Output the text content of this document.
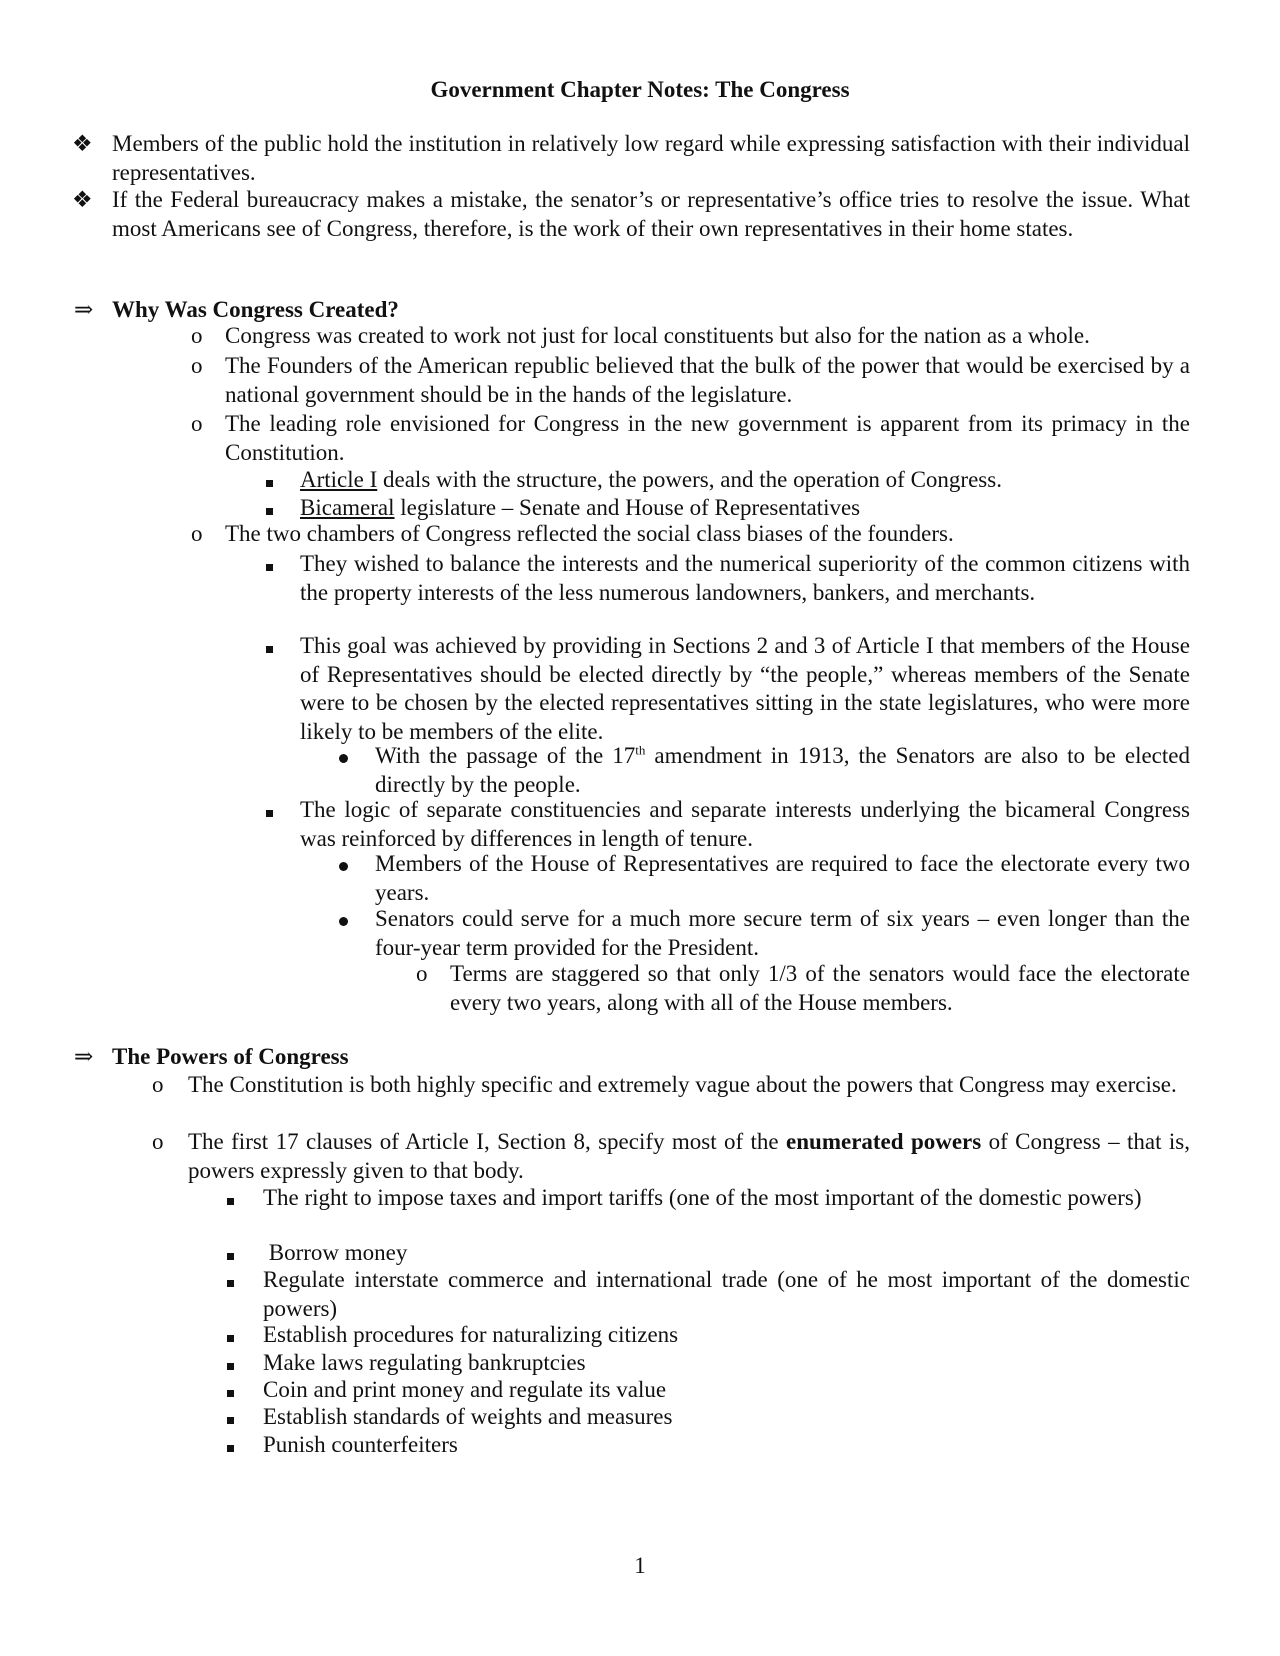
Government Chapter Notes: The Congress
❖ Members of the public hold the institution in relatively low regard while expressing satisfaction with their individual representatives.
❖ If the Federal bureaucracy makes a mistake, the senator’s or representative’s office tries to resolve the issue. What most Americans see of Congress, therefore, is the work of their own representatives in their home states.
⇒ Why Was Congress Created?
o Congress was created to work not just for local constituents but also for the nation as a whole.
o The Founders of the American republic believed that the bulk of the power that would be exercised by a national government should be in the hands of the legislature.
o The leading role envisioned for Congress in the new government is apparent from its primacy in the Constitution.
Article I deals with the structure, the powers, and the operation of Congress.
Bicameral legislature – Senate and House of Representatives
o The two chambers of Congress reflected the social class biases of the founders.
They wished to balance the interests and the numerical superiority of the common citizens with the property interests of the less numerous landowners, bankers, and merchants.
This goal was achieved by providing in Sections 2 and 3 of Article I that members of the House of Representatives should be elected directly by “the people,” whereas members of the Senate were to be chosen by the elected representatives sitting in the state legislatures, who were more likely to be members of the elite.
With the passage of the 17th amendment in 1913, the Senators are also to be elected directly by the people.
The logic of separate constituencies and separate interests underlying the bicameral Congress was reinforced by differences in length of tenure.
Members of the House of Representatives are required to face the electorate every two years.
Senators could serve for a much more secure term of six years – even longer than the four-year term provided for the President.
o Terms are staggered so that only 1/3 of the senators would face the electorate every two years, along with all of the House members.
⇒ The Powers of Congress
o The Constitution is both highly specific and extremely vague about the powers that Congress may exercise.
o The first 17 clauses of Article I, Section 8, specify most of the enumerated powers of Congress – that is, powers expressly given to that body.
The right to impose taxes and import tariffs (one of the most important of the domestic powers)
Borrow money
Regulate interstate commerce and international trade (one of he most important of the domestic powers)
Establish procedures for naturalizing citizens
Make laws regulating bankruptcies
Coin and print money and regulate its value
Establish standards of weights and measures
Punish counterfeiters
1
